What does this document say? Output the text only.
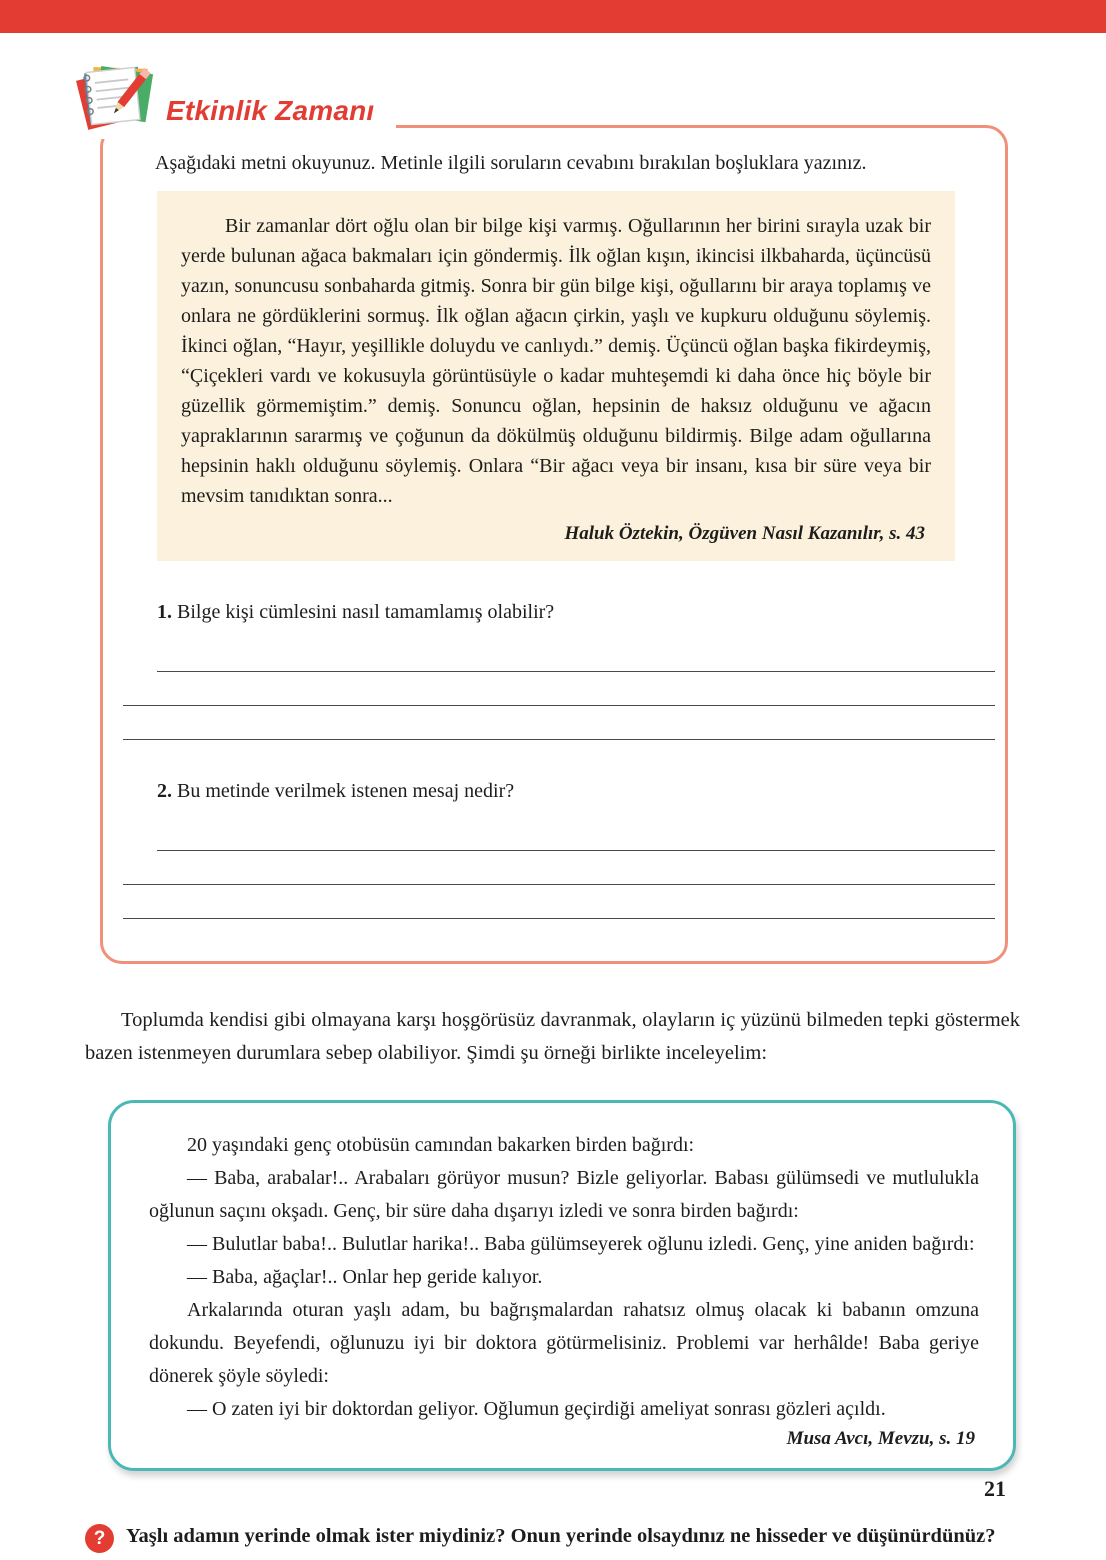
Etkinlik Zamanı

Aşağıdaki metni okuyunuz. Metinle ilgili soruların cevabını bırakılan boşluklara yazınız.

Bir zamanlar dört oğlu olan bir bilge kişi varmış. Oğullarının her birini sırayla uzak bir yerde bulunan ağaca bakmaları için göndermiş. İlk oğlan kışın, ikincisi ilkbaharda, üçüncüsü yazın, sonuncusu sonbaharda gitmiş. Sonra bir gün bilge kişi, oğullarını bir araya toplamış ve onlara ne gördüklerini sormuş. İlk oğlan ağacın çirkin, yaşlı ve kupkuru olduğunu söylemiş. İkinci oğlan, “Hayır, yeşillikle doluydu ve canlıydı.” demiş. Üçüncü oğlan başka fikirdeymiş, “Çiçekleri vardı ve kokusuyla görüntüsüyle o kadar muhteşemdi ki daha önce hiç böyle bir güzellik görmemiştim.” demiş. Sonuncu oğlan, hepsinin de haksız olduğunu ve ağacın yapraklarının sararmış ve çoğunun da dökülmüş olduğunu bildirmiş. Bilge adam oğullarına hepsinin haklı olduğunu söylemiş. Onlara “Bir ağacı veya bir insanı, kısa bir süre veya bir mevsim tanıdıktan sonra...

Haluk Öztekin, Özgüven Nasıl Kazanılır, s. 43

1. Bilge kişi cümlesini nasıl tamamlamış olabilir?

2. Bu metinde verilmek istenen mesaj nedir?

Toplumda kendisi gibi olmayana karşı hoşgörüsüz davranmak, olayların iç yüzünü bilmeden tepki göstermek bazen istenmeyen durumlara sebep olabiliyor. Şimdi şu örneği birlikte inceleyelim:

20 yaşındaki genç otobüsün camından bakarken birden bağırdı:

— Baba, arabalar!.. Arabaları görüyor musun? Bizle geliyorlar. Babası gülümsedi ve mutlulukla oğlunun saçını okşadı. Genç, bir süre daha dışarıyı izledi ve sonra birden bağırdı:

— Bulutlar baba!.. Bulutlar harika!.. Baba gülümseyerek oğlunu izledi. Genç, yine aniden bağırdı:

— Baba, ağaçlar!.. Onlar hep geride kalıyor.

Arkalarında oturan yaşlı adam, bu bağrışmalardan rahatsız olmuş olacak ki babanın omzuna dokundu. Beyefendi, oğlunuzu iyi bir doktora götürmelisiniz. Problemi var herhâlde! Baba geriye dönerek şöyle söyledi:

— O zaten iyi bir doktordan geliyor. Oğlumun geçirdiği ameliyat sonrası gözleri açıldı.

Musa Avcı, Mevzu, s. 19

?	Yaşlı adamın yerinde olmak ister miydiniz? Onun yerinde olsaydınız ne hisseder ve düşünürdünüz?

21
